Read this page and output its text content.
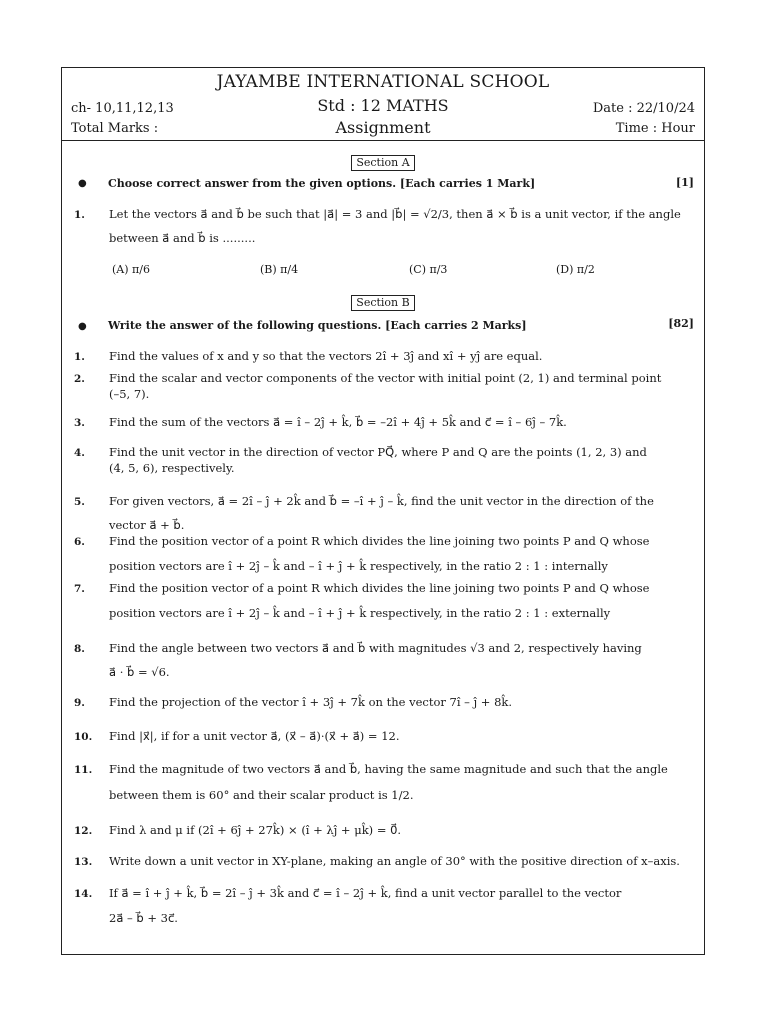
JAYAMBE INTERNATIONAL SCHOOL
ch- 10,11,12,13	Std : 12 MATHS	Date : 22/10/24
Total Marks :	Assignment	Time : Hour
Section A
● Choose correct answer from the given options. [Each carries 1 Mark]	[1]
1.	Let the vectors a⃗ and b⃗ be such that |a⃗| = 3 and |b⃗| = √2/3, then a⃗ × b⃗ is a unit vector, if the angle
between a⃗ and b⃗ is .........
(A) π/6	(B) π/4	(C) π/3	(D) π/2
Section B
● Write the answer of the following questions. [Each carries 2 Marks]	[82]
1.	Find the values of x and y so that the vectors 2î + 3ĵ and xî + yĵ are equal.
2.	Find the scalar and vector components of the vector with initial point (2, 1) and terminal point
(–5, 7).
3.	Find the sum of the vectors a⃗ = î – 2ĵ + k̂, b⃗ = –2î + 4ĵ + 5k̂ and c⃗ = î – 6ĵ – 7k̂.
4.	Find the unit vector in the direction of vector PQ⃗, where P and Q are the points (1, 2, 3) and
(4, 5, 6), respectively.
5.	For given vectors, a⃗ = 2î – ĵ + 2k̂ and b⃗ = –î + ĵ – k̂, find the unit vector in the direction of the
vector a⃗ + b⃗.
6.	Find the position vector of a point R which divides the line joining two points P and Q whose
position vectors are î + 2ĵ – k̂ and – î + ĵ + k̂ respectively, in the ratio 2 : 1 : internally
7.	Find the position vector of a point R which divides the line joining two points P and Q whose
position vectors are î + 2ĵ – k̂ and – î + ĵ + k̂ respectively, in the ratio 2 : 1 : externally
8.	Find the angle between two vectors a⃗ and b⃗ with magnitudes √3 and 2, respectively having
a⃗ · b⃗ = √6.
9.	Find the projection of the vector î + 3ĵ + 7k̂ on the vector 7î – ĵ + 8k̂.
10.	Find |x⃗|, if for a unit vector a⃗, (x⃗ – a⃗)·(x⃗ + a⃗) = 12.
11.	Find the magnitude of two vectors a⃗ and b⃗, having the same magnitude and such that the angle
between them is 60° and their scalar product is 1/2.
12.	Find λ and μ if (2î + 6ĵ + 27k̂) × (î + λĵ + μk̂) = 0⃗.
13.	Write down a unit vector in XY-plane, making an angle of 30° with the positive direction of x–axis.
14.	If a⃗ = î + ĵ + k̂, b⃗ = 2î – ĵ + 3k̂ and c⃗ = î – 2ĵ + k̂, find a unit vector parallel to the vector
2a⃗ – b⃗ + 3c⃗.
